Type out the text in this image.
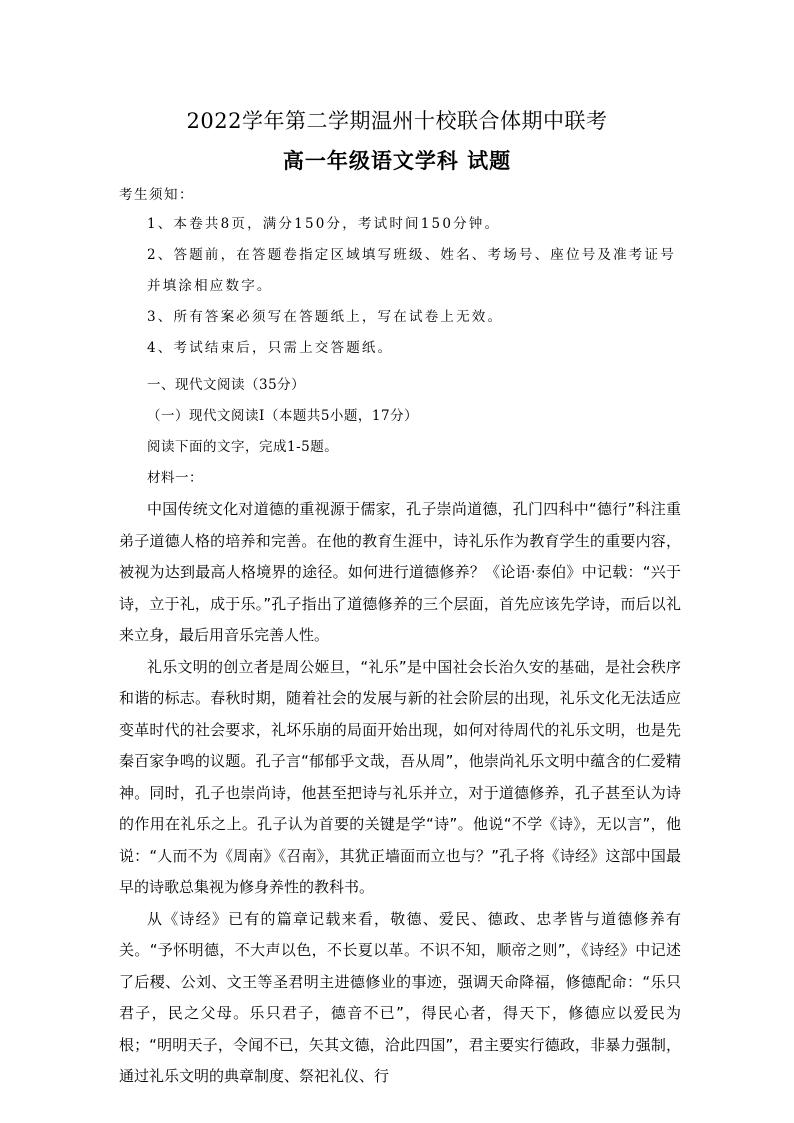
2022学年第二学期温州十校联合体期中联考
高一年级语文学科 试题
考生须知：
1、本卷共8页，满分150分，考试时间150分钟。
2、答题前，在答题卷指定区域填写班级、姓名、考场号、座位号及准考证号并填涂相应数字。
3、所有答案必须写在答题纸上，写在试卷上无效。
4、考试结束后，只需上交答题纸。
一、现代文阅读（35分）
（一）现代文阅读I（本题共5小题，17分）
阅读下面的文字，完成1-5题。
材料一：

中国传统文化对道德的重视源于儒家，孔子崇尚道德，孔门四科中“德行”科注重弟子道德人格的培养和完善。在他的教育生涯中，诗礼乐作为教育学生的重要内容，被视为达到最高人格境界的途径。如何进行道德修养？《论语·泰伯》中记载：“兴于诗，立于礼，成于乐。”孔子指出了道德修养的三个层面，首先应该先学诗，而后以礼来立身，最后用音乐完善人性。

礼乐文明的创立者是周公姬旦，“礼乐”是中国社会长治久安的基础，是社会秩序和谐的标志。春秋时期，随着社会的发展与新的社会阶层的出现，礼乐文化无法适应变革时代的社会要求，礼坏乐崩的局面开始出现，如何对待周代的礼乐文明，也是先秦百家争鸣的议题。孔子言“郁郁乎文哉，吾从周”，他崇尚礼乐文明中蕴含的仁爱精神。同时，孔子也崇尚诗，他甚至把诗与礼乐并立，对于道德修养，孔子甚至认为诗的作用在礼乐之上。孔子认为首要的关键是学“诗”。他说“不学《诗》，无以言”，他说：“人而不为《周南》《召南》，其犹正墙面而立也与？”孔子将《诗经》这部中国最早的诗歌总集视为修身养性的教科书。

从《诗经》已有的篇章记载来看，敬德、爱民、德政、忠孝皆与道德修养有关。“予怀明德，不大声以色，不长夏以革。不识不知，顺帝之则”，《诗经》中记述了后稷、公刘、文王等圣君明主进德修业的事迹，强调天命降福，修德配命：“乐只君子，民之父母。乐只君子，德音不已”，得民心者，得天下，修德应以爱民为根；“明明天子，令闻不已，矢其文德，洽此四国”，君主要实行德政，非暴力强制，通过礼乐文明的典章制度、祭祀礼仪、行
